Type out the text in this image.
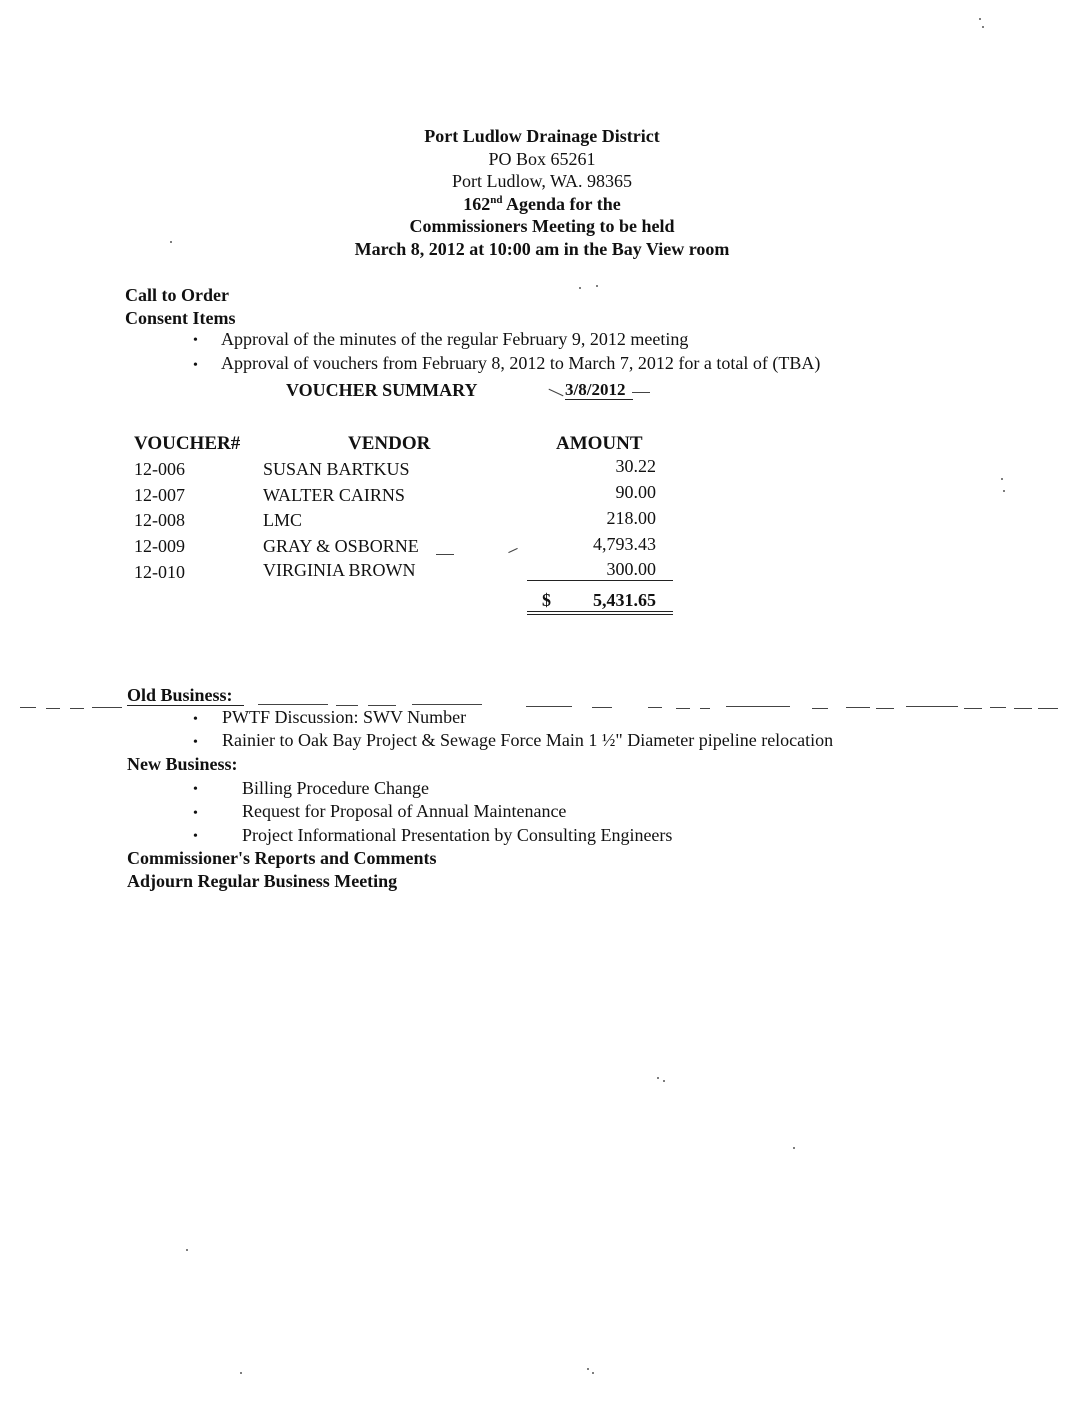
Port Ludlow Drainage District
PO Box 65261
Port Ludlow, WA. 98365
162nd Agenda for the
Commissioners Meeting to be held
March 8, 2012 at 10:00 am in the Bay View room
Call to Order
Consent Items
• Approval of the minutes of the regular February 9, 2012 meeting
• Approval of vouchers from February 8, 2012 to March 7, 2012 for a total of (TBA)
VOUCHER SUMMARY	3/8/2012
VOUCHER#	VENDOR	AMOUNT
12-006	SUSAN BARTKUS	30.22
12-007	WALTER CAIRNS	90.00
12-008	LMC	218.00
12-009	GRAY & OSBORNE	4,793.43
12-010	VIRGINIA BROWN	300.00
$	5,431.65
Old Business:
• PWTF Discussion: SWV Number
• Rainier to Oak Bay Project & Sewage Force Main 1 ½" Diameter pipeline relocation
New Business:
• Billing Procedure Change
• Request for Proposal of Annual Maintenance
• Project Informational Presentation by Consulting Engineers
Commissioner's Reports and Comments
Adjourn Regular Business Meeting
